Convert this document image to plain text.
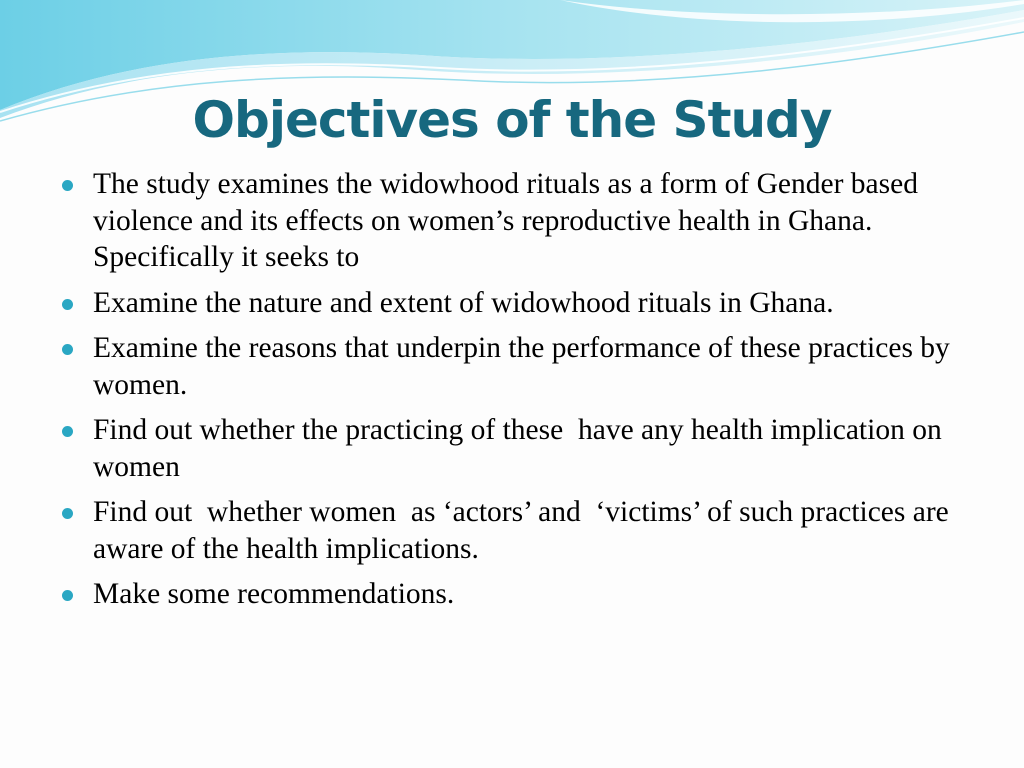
Objectives of the Study
The study examines the widowhood rituals as a form of Gender based violence and its effects on women’s reproductive health in Ghana. Specifically it seeks to
Examine the nature and extent of widowhood rituals in Ghana.
Examine the reasons that underpin the performance of these practices by women.
Find out whether the practicing of these  have any health implication on women
Find out  whether women  as ‘actors’ and  ‘victims’ of such practices are aware of the health implications.
Make some recommendations.
